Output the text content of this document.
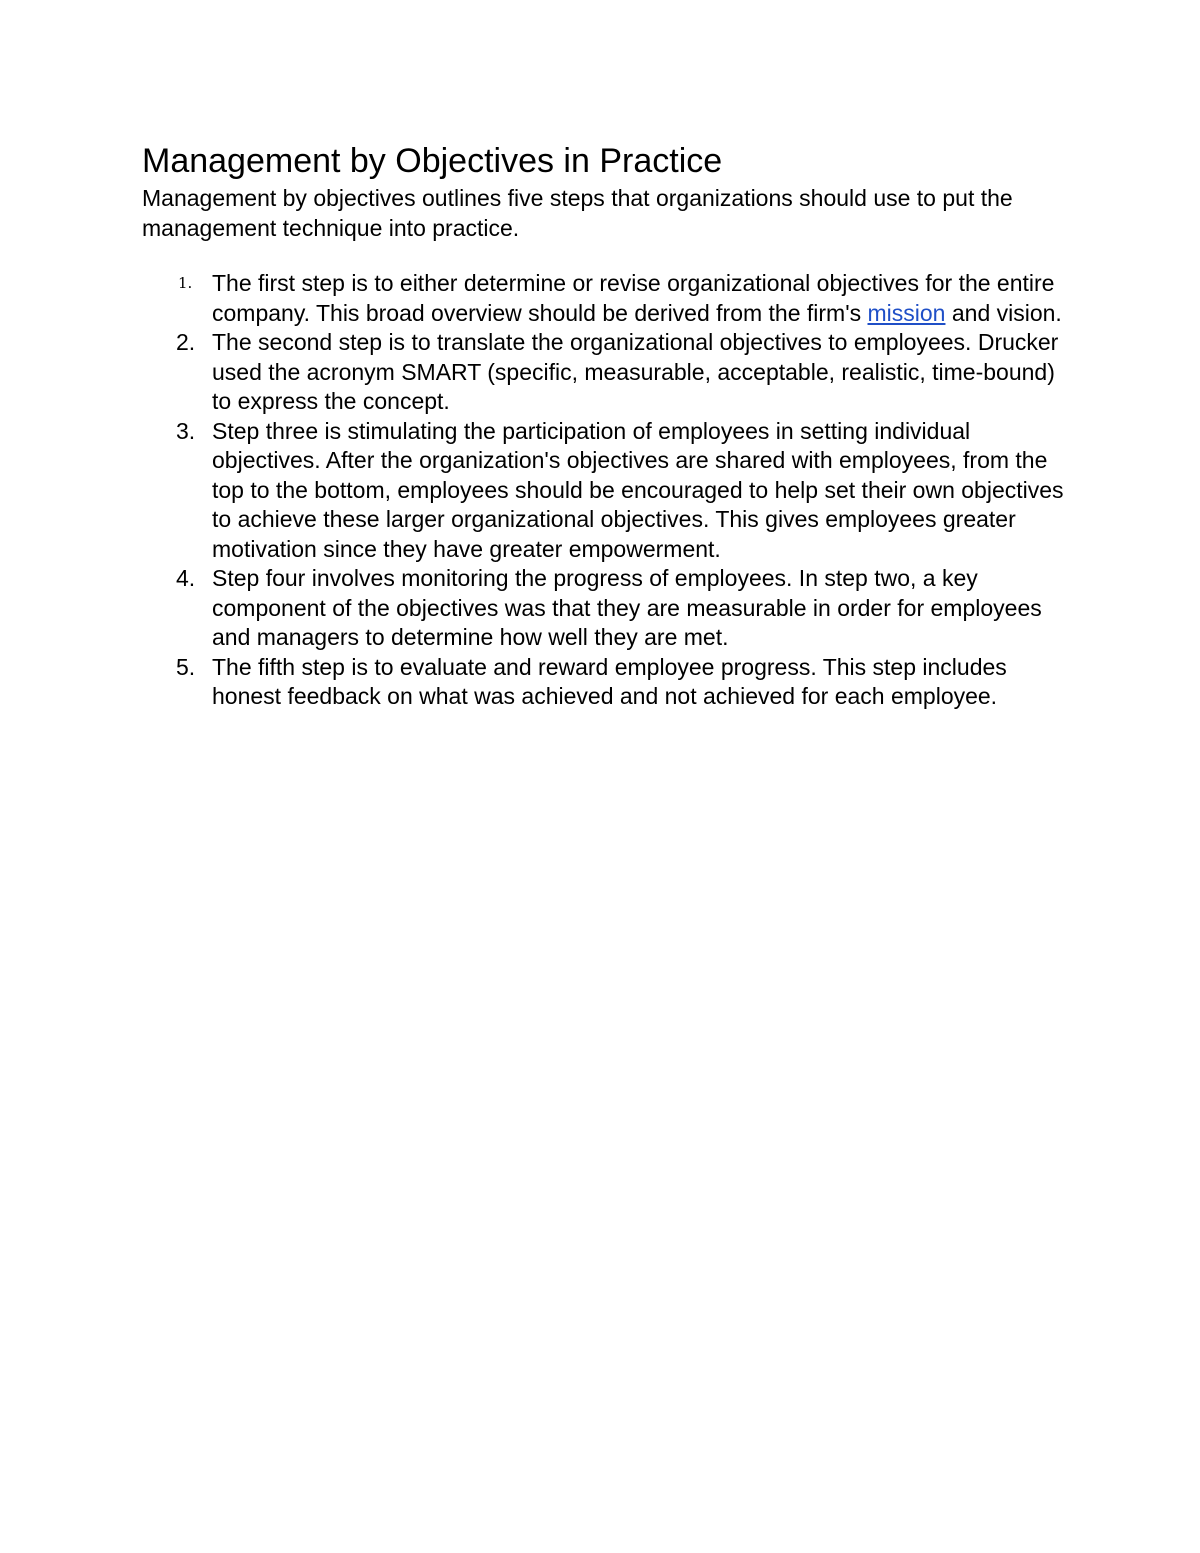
Management by Objectives in Practice

Management by objectives outlines five steps that organizations should use to put the management technique into practice.

1. The first step is to either determine or revise organizational objectives for the entire company. This broad overview should be derived from the firm's mission and vision.
2. The second step is to translate the organizational objectives to employees. Drucker used the acronym SMART (specific, measurable, acceptable, realistic, time-bound) to express the concept.
3. Step three is stimulating the participation of employees in setting individual objectives. After the organization's objectives are shared with employees, from the top to the bottom, employees should be encouraged to help set their own objectives to achieve these larger organizational objectives. This gives employees greater motivation since they have greater empowerment.
4. Step four involves monitoring the progress of employees. In step two, a key component of the objectives was that they are measurable in order for employees and managers to determine how well they are met.
5. The fifth step is to evaluate and reward employee progress. This step includes honest feedback on what was achieved and not achieved for each employee.
